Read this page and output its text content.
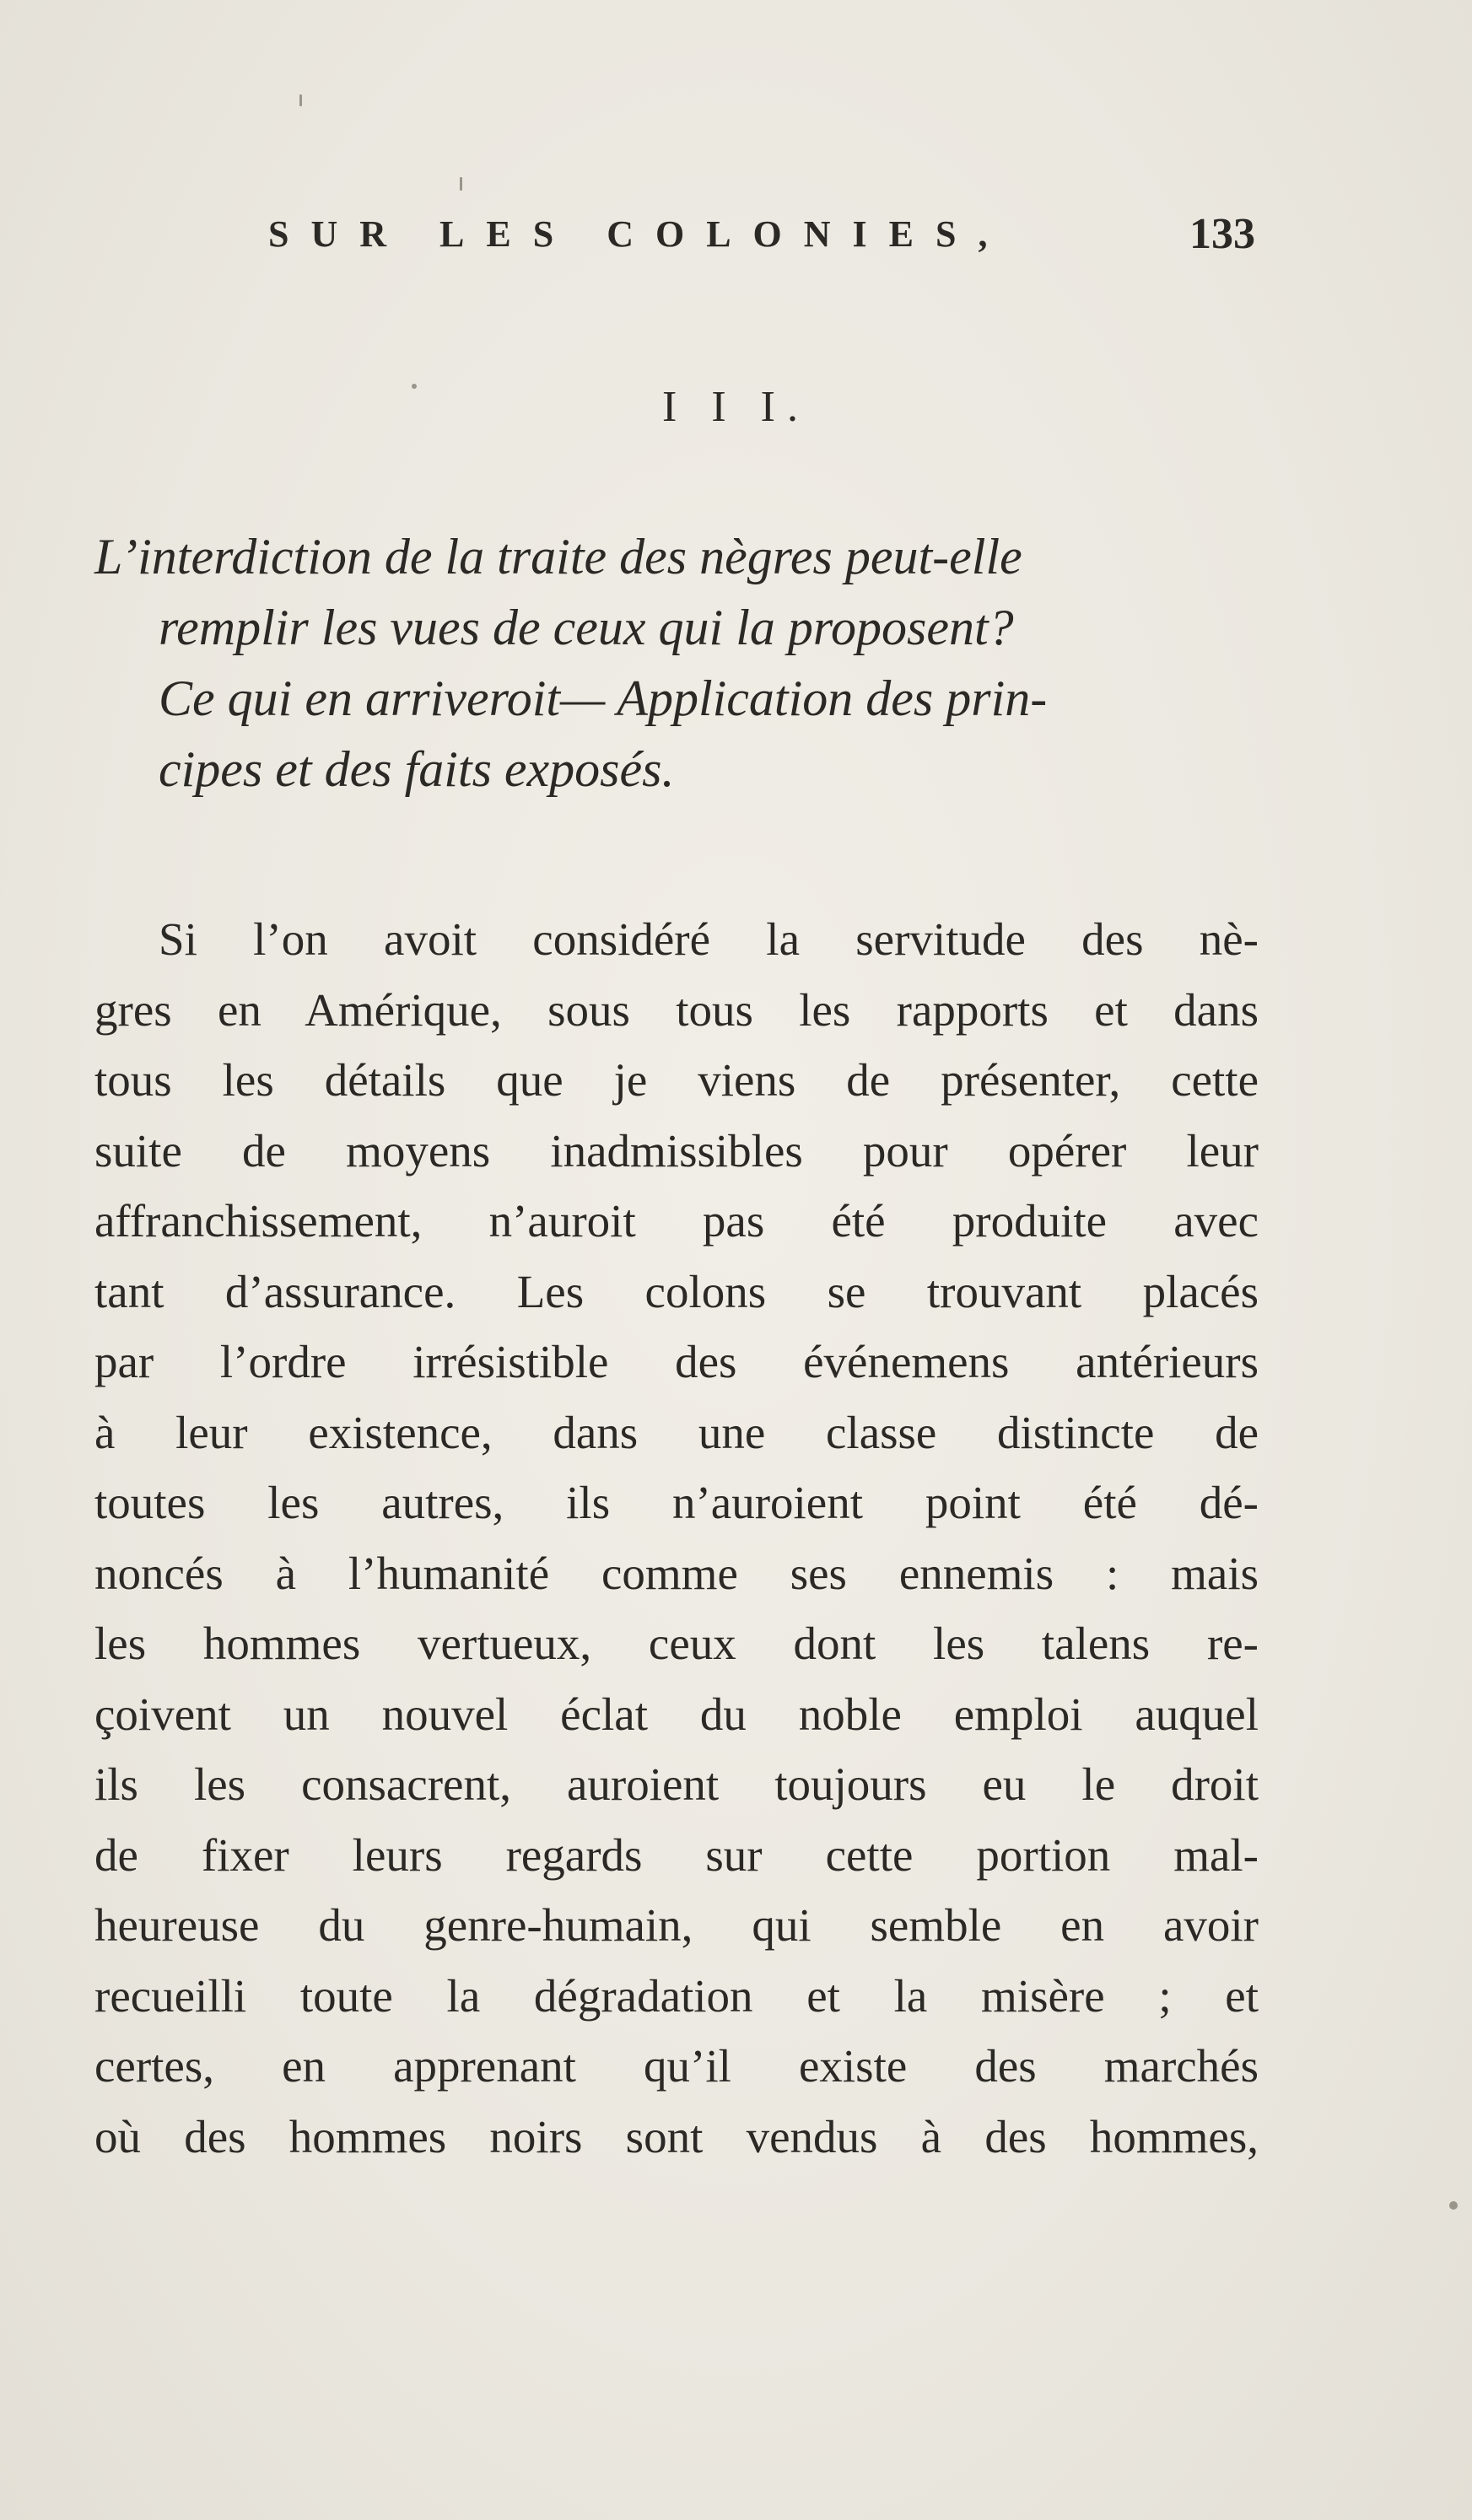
SUR LES COLONIES,	133
I I I.
L’interdiction de la traite des nègres peut-elle
remplir les vues de ceux qui la proposent?
Ce qui en arriveroit— Application des prin-
cipes et des faits exposés.
Si l’on avoit considéré la servitude des nè-
gres en Amérique, sous tous les rapports et dans
tous les détails que je viens de présenter, cette
suite de moyens inadmissibles pour opérer leur
affranchissement, n’auroit pas été produite avec
tant d’assurance. Les colons se trouvant placés
par l’ordre irrésistible des événemens antérieurs
à leur existence, dans une classe distincte de
toutes les autres, ils n’auroient point été dé-
noncés à l’humanité comme ses ennemis : mais
les hommes vertueux, ceux dont les talens re-
çoivent un nouvel éclat du noble emploi auquel
ils les consacrent, auroient toujours eu le droit
de fixer leurs regards sur cette portion mal-
heureuse du genre-humain, qui semble en avoir
recueilli toute la dégradation et la misère ; et
certes, en apprenant qu’il existe des marchés
où des hommes noirs sont vendus à des hommes,
